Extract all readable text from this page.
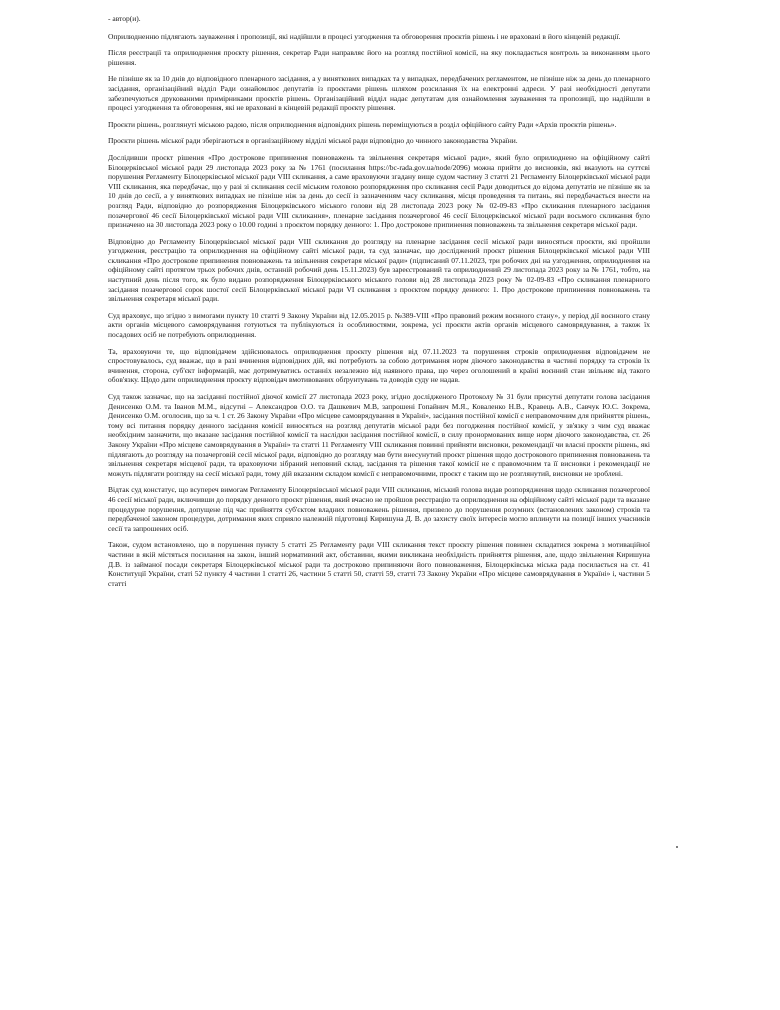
- автор(и).

Оприлюдненню підлягають зауваження і пропозиції, які надійшли в процесі узгодження та обговорення проєктів рішень і не враховані в його кінцевій редакції.

Після реєстрації та оприлюднення проєкту рішення, секретар Ради направляє його на розгляд постійної комісії, на яку покладається контроль за виконанням цього рішення.

Не пізніше як за 10 днів до відповідного пленарного засідання, а у виняткових випадках та у випадках, передбачених регламентом, не пізніше ніж за день до пленарного засідання, організаційний відділ Ради ознайомлює депутатів із проєктами рішень шляхом розсилання їх на електронні адреси. У разі необхідності депутати забезпечуються друкованими примірниками проєктів рішень. Організаційний відділ надає депутатам для ознайомлення зауваження та пропозиції, що надійшли в процесі узгодження та обговорення, які не враховані в кінцевій редакції проєкту рішення.

Проєкти рішень, розглянуті міською радою, після оприлюднення відповідних рішень переміщуються в розділ офіційного сайту Ради «Архів проєктів рішень».

Проєкти рішень міської ради зберігаються в організаційному відділі міської ради відповідно до чинного законодавства України.

Дослідивши проєкт рішення «Про дострокове припинення повноважень та звільнення секретаря міської ради», який було оприлюднено на офіційному сайті Білоцерківської міської ради 29 листопада 2023 року за № 1761 (посилання https://bc-rada.gov.ua/node/2096) можна прийти до висновків, які вказують на суттєві порушення Регламенту Білоцерківської міської ради VIII скликання, а саме враховуючи згадану вище судом частину 3 статті 21 Регламенту Білоцерківської міської ради VIII скликання, яка передбачає, що у разі зі скликання сесії міським головою розпорядження про скликання сесії Ради доводиться до відома депутатів не пізніше як за 10 днів до сесії, а у виняткових випадках не пізніше ніж за день до сесії із зазначенням часу скликання, місця проведення та питань, які передбачається внести на розгляд Ради, відповідно до розпорядження Білоцерківського міського голови від 28 листопада 2023 року № 02-09-83 «Про скликання пленарного засідання позачергової 46 сесії Білоцерківської міської ради VIII скликання», пленарне засідання позачергової 46 сесії Білоцерківської міської ради восьмого скликання було призначено на 30 листопада 2023 року о 10.00 годині з проєктом порядку денного: 1. Про дострокове припинення повноважень та звільнення секретаря міської ради.

Відповідно до Регламенту Білоцерківської міської ради VIII скликання до розгляду на пленарне засідання сесії міської ради виносяться проєкти, які пройшли узгодження, реєстрацію та оприлюднення на офіційному сайті міської ради, та суд зазначає, що досліджений проєкт рішення Білоцерківської міської ради VIII скликання «Про дострокове припинення повноважень та звільнення секретаря міської ради» (підписаний 07.11.2023, три робочих дні на узгодження, оприлюднення на офіційному сайті протягом трьох робочих днів, останній робочий день 15.11.2023) був зареєстрований та оприлюднений 29 листопада 2023 року за № 1761, тобто, на наступний день після того, як було видано розпорядження Білоцерківського міського голови від 28 листопада 2023 року № 02-09-83 «Про скликання пленарного засідання позачергової сорок шостої сесії Білоцерківської міської ради VI скликання з проєктом порядку денного: 1. Про дострокове припинення повноважень та звільнення секретаря міської ради.

Суд враховує, що згідно з вимогами пункту 10 статті 9 Закону України від 12.05.2015 р. №389-VIII «Про правовий режим воєнного стану», у період дії воєнного стану акти органів місцевого самоврядування готуються та публікуються із особливостями, зокрема, усі проєкти актів органів місцевого самоврядування, а також їх посадових осіб не потребують оприлюднення.

Та, враховуючи те, що відповідачем здійснювалось оприлюднення проєкту рішення від 07.11.2023 та порушення строків оприлюднення відповідачем не спростовувалось, суд вважає, що в разі вчинення відповідних дій, які потребують за собою дотримання норм діючого законодавства в частині порядку та строків їх вчинення, сторона, суб'єкт інформацій, має дотримуватись останніх незалежно від наявного права, що через оголошений в країні воєнний стан звільняє від такого обов'язку. Щодо дати оприлюднення проєкту відповідач вмотивованих обґрунтувань та доводів суду не надав.

Суд також зазначає, що на засіданні постійної діючої комісії 27 листопада 2023 року, згідно дослідженого Протоколу № 31 були присутні депутати голова засідання Денисенко О.М. та Іванов М.М., відсутні – Александров О.О. та Дашкевич М.В, запрошені Гопайнич М.Я., Коваленко Н.В., Кравець А.В., Савчук Ю.С. Зокрема, Денисенко О.М. оголосив, що за ч. 1 ст. 26 Закону України «Про місцеве самоврядування в Україні», засідання постійної комісії є неправомочним для прийняття рішень, тому всі питання порядку денного засідання комісії виносяться на розгляд депутатів міської ради без погодження постійної комісії, у зв'язку з чим суд вважає необхідним зазначити, що вказане засідання постійної комісії та наслідки засідання постійної комісії, в силу пронормованих вище норм діючого законодавства, ст. 26 Закону України «Про місцеве самоврядування в Україні» та статті 11 Регламенту VIII скликання повинні прийняти висновки, рекомендації чи власні проєкти рішень, які підлягають до розгляду на позачерговій сесії міської ради, відповідно до розгляду мав бути внесунутий проєкт рішення щодо дострокового припинення повноважень та звільнення секретаря місцевої ради, та враховуючи зібраний неповний склад, засідання та рішення такої комісії не є правомочним та її висновки і рекомендації не можуть підлягати розгляду на сесії міської ради, тому дій вказаним складом комісії є неправомочними, проєкт є таким що не розглянутий, висновки не зроблені.

Відтак суд констатує, що всупереч вимогам Регламенту Білоцерківської міської ради VIII скликання, міський голова видав розпорядження щодо скликання позачергової 46 сесії міської ради, включивши до порядку денного проєкт рішення, який вчасно не пройшов реєстрацію та оприлюднення на офіційному сайті міської ради та вказане процедурне порушення, допущене під час прийняття суб'єктом владних повноважень рішення, призвело до порушення розумних (встановлених законом) строків та передбаченої законом процедури, дотримання яких сприяло належній підготовці Киришуна Д. В. до захисту своїх інтересів могло вплинути на позиції інших учасників сесії та запрошених осіб.

Також, судом встановлено, що в порушення пункту 5 статті 25 Регламенту ради VIII скликання текст проєкту рішення повинен складатися зокрема з мотиваційної частини в якій містяться посилання на закон, інший нормативний акт, обставини, якими викликана необхідність прийняття рішення, але, щодо звільнення Киришуна Д.В. із займаної посади секретаря Білоцерківської міської ради та достроково припиняючи його повноваження, Білоцерківська міська рада посилається на ст. 41 Конституції України, статі 52 пункту 4 частини 1 статті 26, частини 5 статті 50, статті 59, статті 73 Закону України «Про місцеве самоврядування в Україні» і, частини 5 статті
